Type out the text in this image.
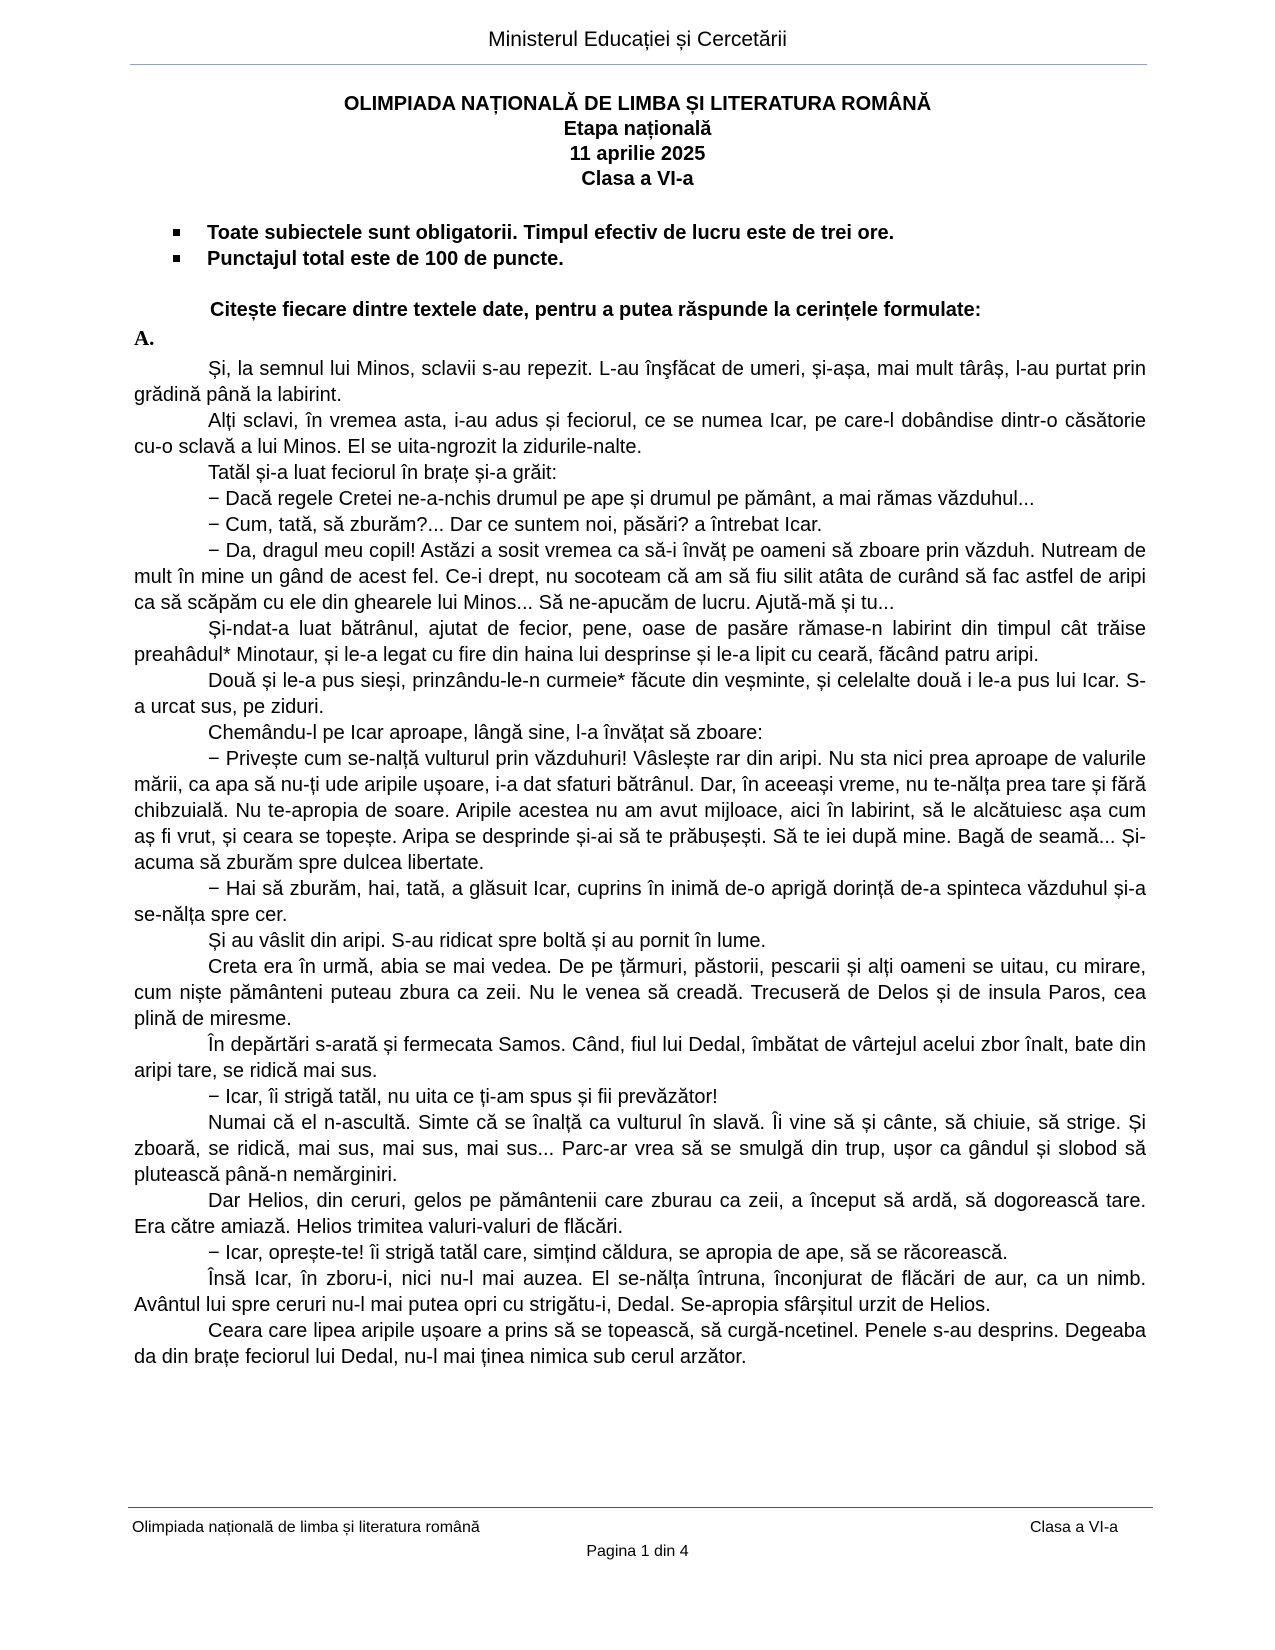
Ministerul Educației și Cercetării
OLIMPIADA NAȚIONALĂ DE LIMBA ȘI LITERATURA ROMÂNĂ
Etapa națională
11 aprilie 2025
Clasa a VI-a
Toate subiectele sunt obligatorii. Timpul efectiv de lucru este de trei ore.
Punctajul total este de 100 de puncte.
Citește fiecare dintre textele date, pentru a putea răspunde la cerințele formulate:
A.

Și, la semnul lui Minos, sclavii s-au repezit. L-au înşfăcat de umeri, și-așa, mai mult târâș, l-au purtat prin grădină până la labirint.

Alți sclavi, în vremea asta, i-au adus și feciorul, ce se numea Icar, pe care-l dobândise dintr-o căsătorie cu-o sclavă a lui Minos. El se uita-ngrozit la zidurile-nalte.

Tatăl și-a luat feciorul în brațe și-a grăit:

− Dacă regele Cretei ne-a-nchis drumul pe ape și drumul pe pământ, a mai rămas văzduhul...

− Cum, tată, să zburăm?... Dar ce suntem noi, păsări? a întrebat Icar.

− Da, dragul meu copil! Astăzi a sosit vremea ca să-i învăț pe oameni să zboare prin văzduh. Nutream de mult în mine un gând de acest fel. Ce-i drept, nu socoteam că am să fiu silit atâta de curând să fac astfel de aripi ca să scăpăm cu ele din ghearele lui Minos... Să ne-apucăm de lucru. Ajută-mă și tu...

Și-ndat-a luat bătrânul, ajutat de fecior, pene, oase de pasăre rămase-n labirint din timpul cât trăise preahâdul* Minotaur, și le-a legat cu fire din haina lui desprinse și le-a lipit cu ceară, făcând patru aripi.

Două și le-a pus sieși, prinzându-le-n curmeie* făcute din veșminte, și celelalte două i le-a pus lui Icar. S-a urcat sus, pe ziduri.

Chemându-l pe Icar aproape, lângă sine, l-a învățat să zboare:

− Privește cum se-nalță vulturul prin văzduhuri! Vâslește rar din aripi. Nu sta nici prea aproape de valurile mării, ca apa să nu-ți ude aripile ușoare, i-a dat sfaturi bătrânul. Dar, în aceeași vreme, nu te-nălța prea tare și fără chibzuială. Nu te-apropia de soare. Aripile acestea nu am avut mijloace, aici în labirint, să le alcătuiesc așa cum aș fi vrut, și ceara se topește. Aripa se desprinde și-ai să te prăbușești. Să te iei după mine. Bagă de seamă... Și-acuma să zburăm spre dulcea libertate.

− Hai să zburăm, hai, tată, a glăsuit Icar, cuprins în inimă de-o aprigă dorință de-a spinteca văzduhul și-a se-nălța spre cer.

Și au vâslit din aripi. S-au ridicat spre boltă și au pornit în lume.

Creta era în urmă, abia se mai vedea. De pe țărmuri, păstorii, pescarii și alți oameni se uitau, cu mirare, cum niște pământeni puteau zbura ca zeii. Nu le venea să creadă. Trecuseră de Delos și de insula Paros, cea plină de miresme.

În depărtări s-arată și fermecata Samos. Când, fiul lui Dedal, îmbătat de vârtejul acelui zbor înalt, bate din aripi tare, se ridică mai sus.

− Icar, îi strigă tatăl, nu uita ce ți-am spus și fii prevăzător!

Numai că el n-ascultă. Simte că se înalță ca vulturul în slavă. Îi vine să și cânte, să chiuie, să strige. Și zboară, se ridică, mai sus, mai sus, mai sus... Parc-ar vrea să se smulgă din trup, ușor ca gândul și slobod să plutească până-n nemărginiri.

Dar Helios, din ceruri, gelos pe pământenii care zburau ca zeii, a început să ardă, să dogorească tare. Era către amiază. Helios trimitea valuri-valuri de flăcări.

− Icar, oprește-te! îi strigă tatăl care, simțind căldura, se apropia de ape, să se răcorească.

Însă Icar, în zboru-i, nici nu-l mai auzea. El se-nălța întruna, înconjurat de flăcări de aur, ca un nimb. Avântul lui spre ceruri nu-l mai putea opri cu strigătu-i, Dedal. Se-apropia sfârșitul urzit de Helios.

Ceara care lipea aripile ușoare a prins să se topească, să curgă-ncetinel. Penele s-au desprins. Degeaba da din brațe feciorul lui Dedal, nu-l mai ținea nimica sub cerul arzător.

Olimpiada națională de limba și literatura română	Clasa a VI-a
Pagina 1 din 4
